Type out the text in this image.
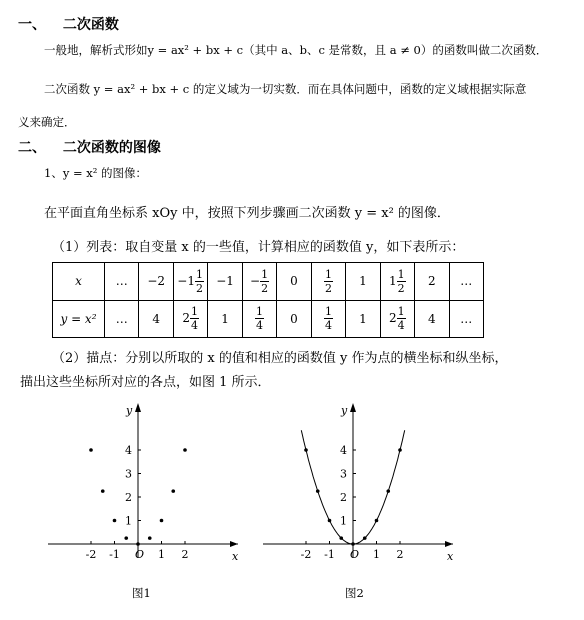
一、 二次函数
一般地，解析式形如y = ax² + bx + c（其中 a、b、c 是常数，且 a ≠ 0）的函数叫做二次函数．
二次函数 y = ax² + bx + c 的定义域为一切实数．而在具体问题中，函数的定义域根据实际意
义来确定．
二、 二次函数的图像
1、y = x² 的图像：
在平面直角坐标系 xOy 中，按照下列步骤画二次函数 y = x² 的图像．
（1）列表：取自变量 x 的一些值，计算相应的函数值 y，如下表所示：
x	…	−2	$-1 \frac{1}{2}$	−1	− $\frac{1}{2}$	0	$\frac{1}{2}$	1	$1 \frac{1}{2}$	2	…
y = x²	…	4	$2 \frac{1}{4}$	1	$\frac{1}{4}$	0	$\frac{1}{4}$	1	$2 \frac{1}{4}$	4	…
（2）描点：分别以所取的 x 的值和相应的函数值 y 作为点的横坐标和纵坐标，
描出这些坐标所对应的各点，如图 1 所示．
x
y
O
-2 -1	1 2
1
2
3
4
图1
x
y
O
-2 -1	1 2
1
2
3
4
图2
